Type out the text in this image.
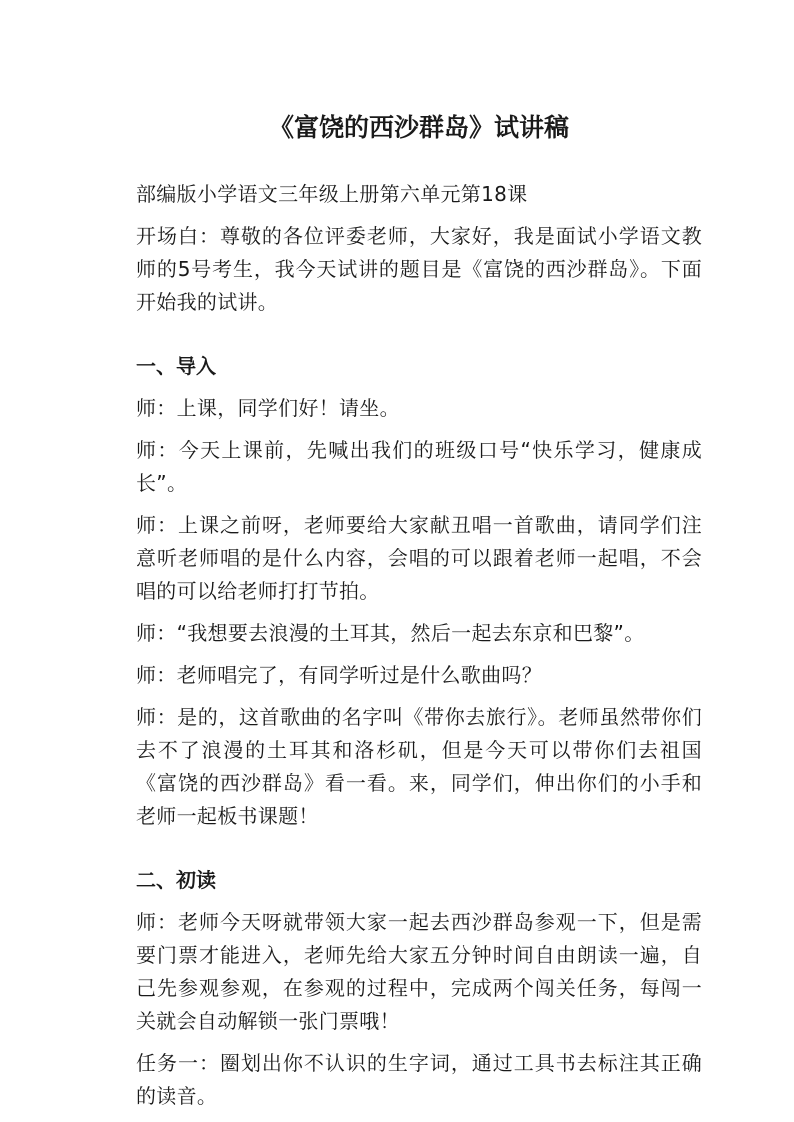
《富饶的西沙群岛》试讲稿
部编版小学语文三年级上册第六单元第18课
开场白：尊敬的各位评委老师，大家好，我是面试小学语文教师的5号考生，我今天试讲的题目是《富饶的西沙群岛》。下面开始我的试讲。
一、导入
师：上课，同学们好！请坐。
师：今天上课前，先喊出我们的班级口号“快乐学习，健康成长”。
师：上课之前呀，老师要给大家献丑唱一首歌曲，请同学们注意听老师唱的是什么内容，会唱的可以跟着老师一起唱，不会唱的可以给老师打打节拍。
师：“我想要去浪漫的土耳其，然后一起去东京和巴黎”。
师：老师唱完了，有同学听过是什么歌曲吗？
师：是的，这首歌曲的名字叫《带你去旅行》。老师虽然带你们去不了浪漫的土耳其和洛杉矶，但是今天可以带你们去祖国《富饶的西沙群岛》看一看。来，同学们，伸出你们的小手和老师一起板书课题！
二、初读
师：老师今天呀就带领大家一起去西沙群岛参观一下，但是需要门票才能进入，老师先给大家五分钟时间自由朗读一遍，自己先参观参观，在参观的过程中，完成两个闯关任务，每闯一关就会自动解锁一张门票哦！
任务一：圈划出你不认识的生字词，通过工具书去标注其正确的读音。
